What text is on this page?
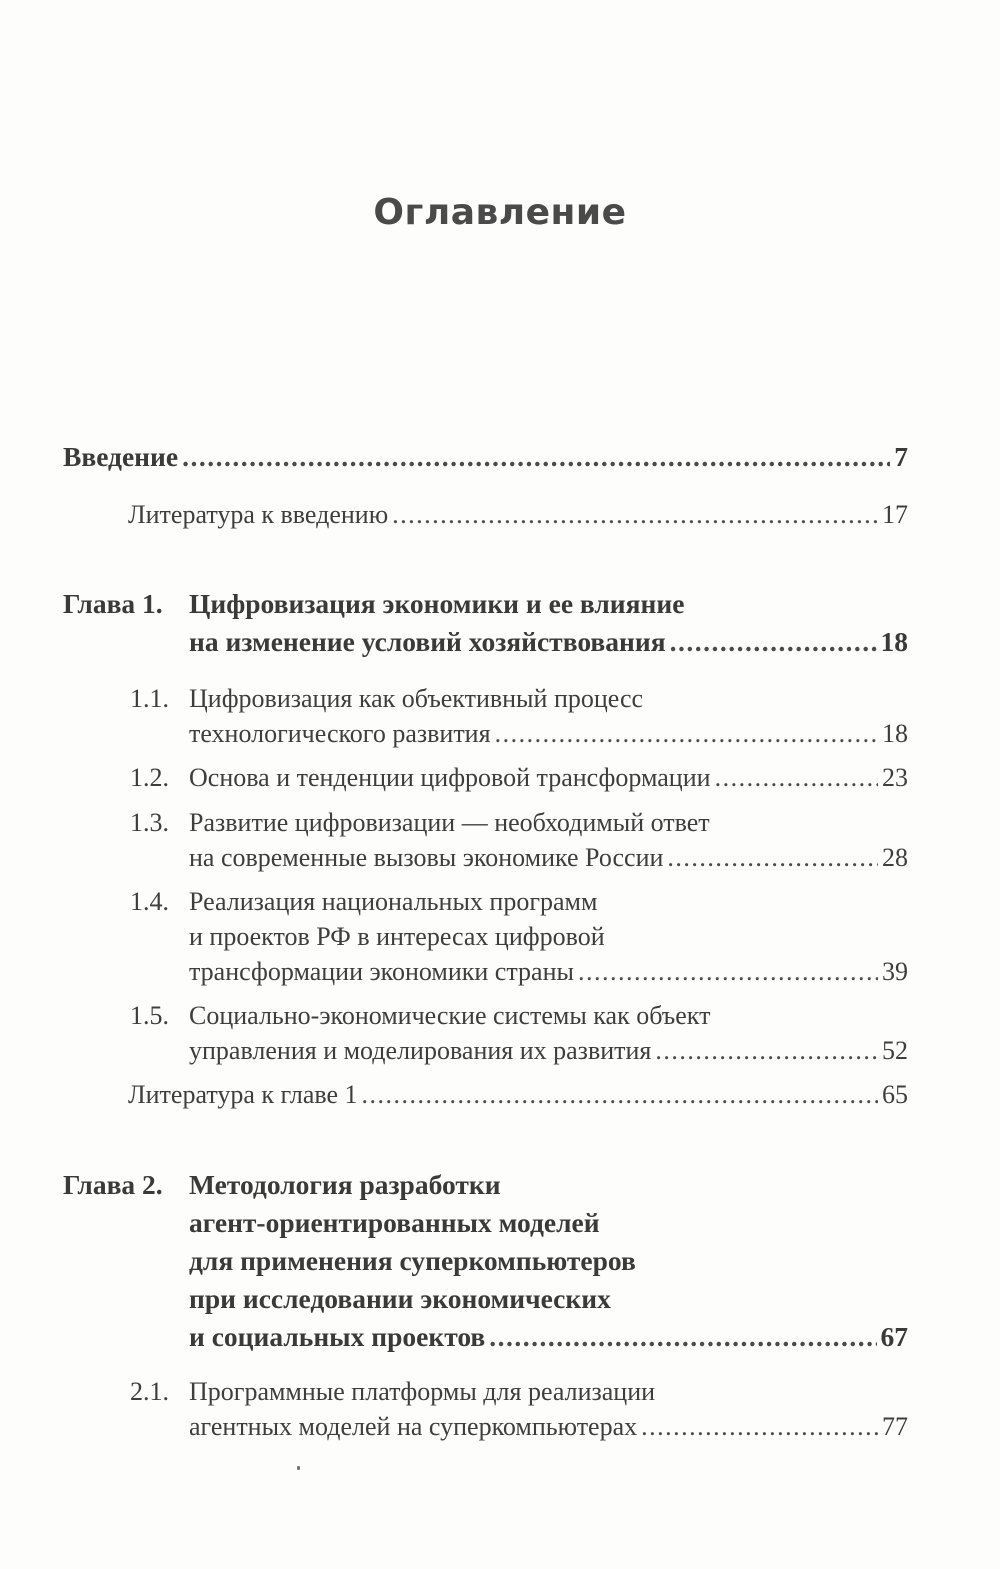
Оглавление
Введение .....	7
Литература к введению .....	17
Глава 1. Цифровизация экономики и ее влияние
на изменение условий хозяйствования .....	18
1.1. Цифровизация как объективный процесс
технологического развития .....	18
1.2. Основа и тенденции цифровой трансформации .....	23
1.3. Развитие цифровизации — необходимый ответ
на современные вызовы экономике России .....	28
1.4. Реализация национальных программ
и проектов РФ в интересах цифровой
трансформации экономики страны .....	39
1.5. Социально-экономические системы как объект
управления и моделирования их развития .....	52
Литература к главе 1 .....	65
Глава 2. Методология разработки
агент-ориентированных моделей
для применения суперкомпьютеров
при исследовании экономических
и социальных проектов .....	67
2.1. Программные платформы для реализации
агентных моделей на суперкомпьютерах .....	77
